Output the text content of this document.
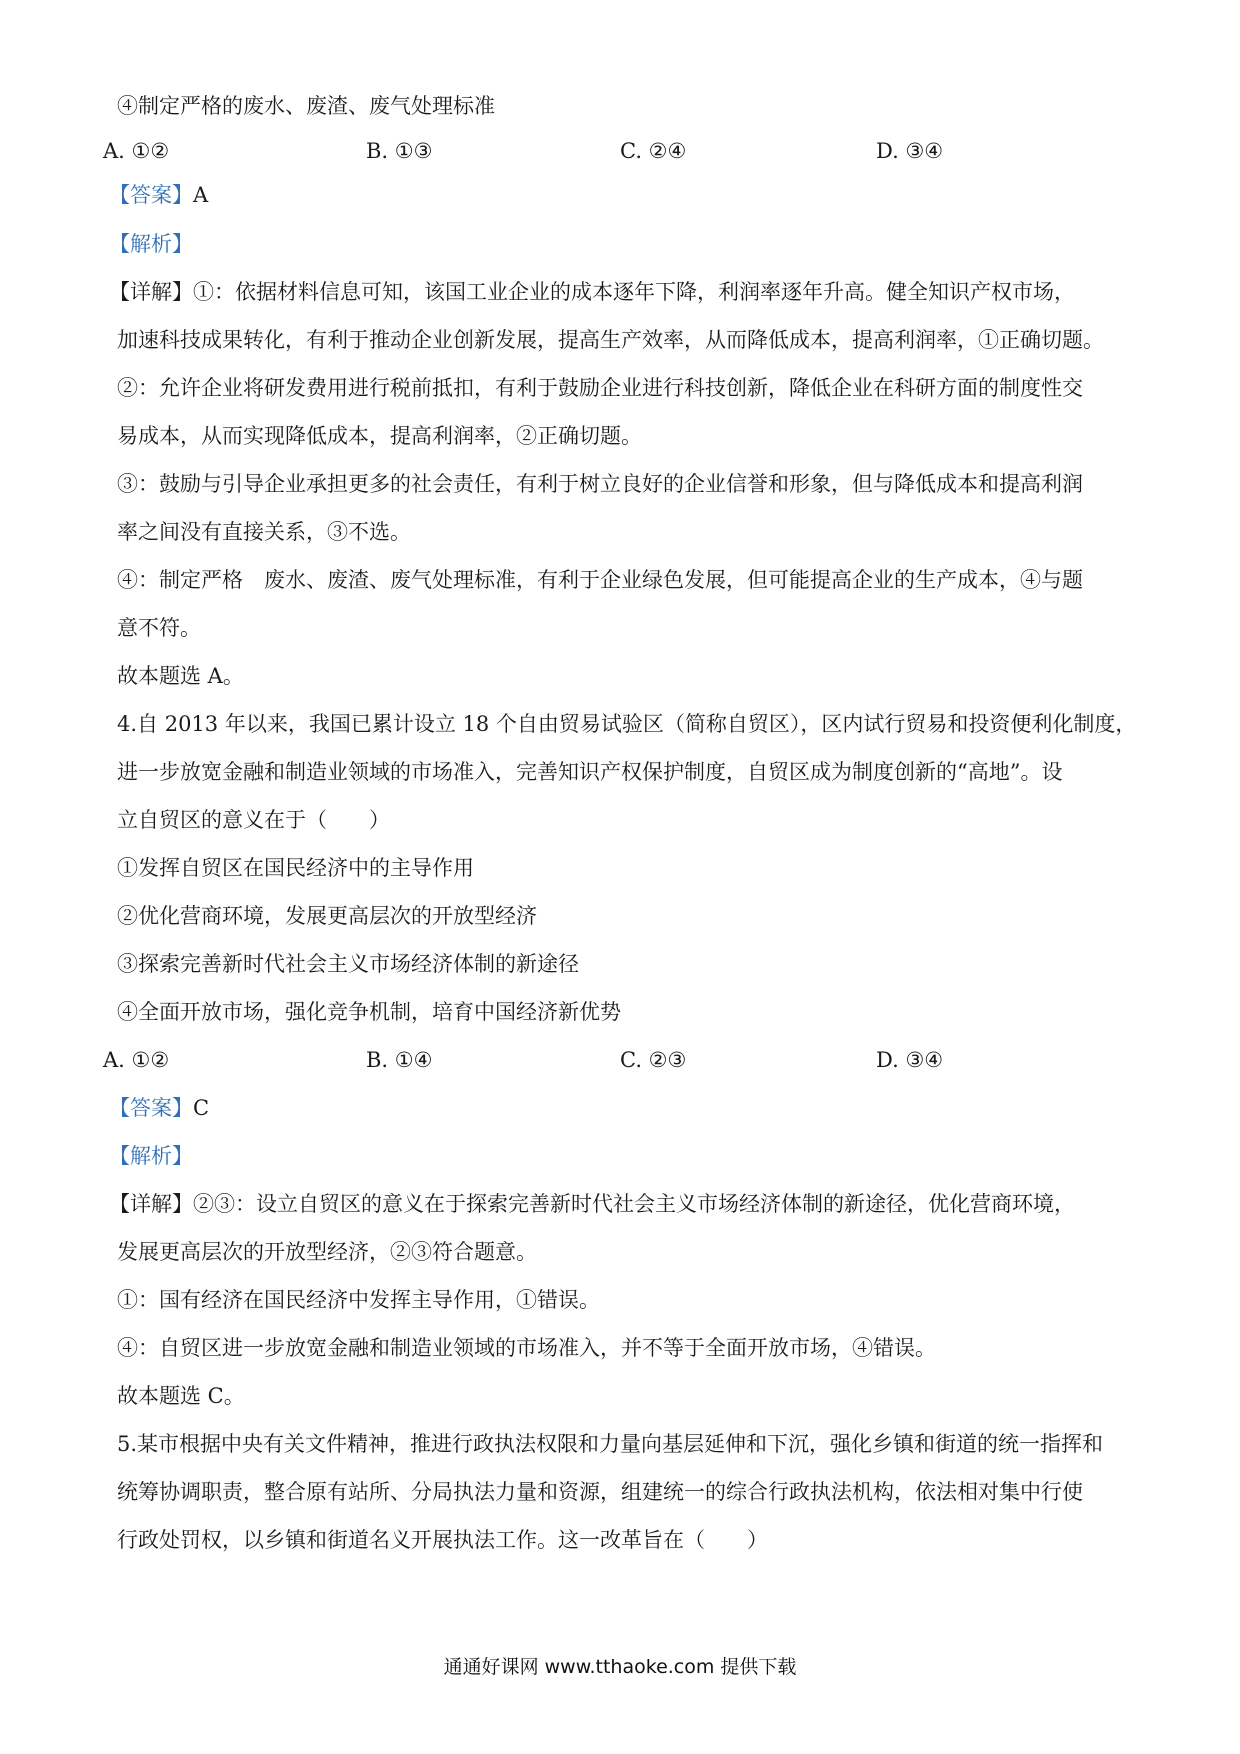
④制定严格的废水、废渣、废气处理标准
A. ①②	B. ①③	C. ②④	D. ③④
【答案】A
【解析】
【详解】①：依据材料信息可知，该国工业企业的成本逐年下降，利润率逐年升高。健全知识产权市场，
加速科技成果转化，有利于推动企业创新发展，提高生产效率，从而降低成本，提高利润率，①正确切题。
②：允许企业将研发费用进行税前抵扣，有利于鼓励企业进行科技创新，降低企业在科研方面的制度性交
易成本，从而实现降低成本，提高利润率，②正确切题。
③：鼓励与引导企业承担更多的社会责任，有利于树立良好的企业信誉和形象，但与降低成本和提高利润
率之间没有直接关系，③不选。
④：制定严格　废水、废渣、废气处理标准，有利于企业绿色发展，但可能提高企业的生产成本，④与题
意不符。
故本题选 A。
4.自 2013 年以来，我国已累计设立 18 个自由贸易试验区（简称自贸区），区内试行贸易和投资便利化制度，
进一步放宽金融和制造业领域的市场准入，完善知识产权保护制度，自贸区成为制度创新的“高地”。设
立自贸区的意义在于（　　）
①发挥自贸区在国民经济中的主导作用
②优化营商环境，发展更高层次的开放型经济
③探索完善新时代社会主义市场经济体制的新途径
④全面开放市场，强化竞争机制，培育中国经济新优势
A. ①②	B. ①④	C. ②③	D. ③④
【答案】C
【解析】
【详解】②③：设立自贸区的意义在于探索完善新时代社会主义市场经济体制的新途径，优化营商环境，
发展更高层次的开放型经济，②③符合题意。
①：国有经济在国民经济中发挥主导作用，①错误。
④：自贸区进一步放宽金融和制造业领域的市场准入，并不等于全面开放市场，④错误。
故本题选 C。
5.某市根据中央有关文件精神，推进行政执法权限和力量向基层延伸和下沉，强化乡镇和街道的统一指挥和
统筹协调职责，整合原有站所、分局执法力量和资源，组建统一的综合行政执法机构，依法相对集中行使
行政处罚权，以乡镇和街道名义开展执法工作。这一改革旨在（　　）
通通好课网 www.tthaoke.com 提供下载
